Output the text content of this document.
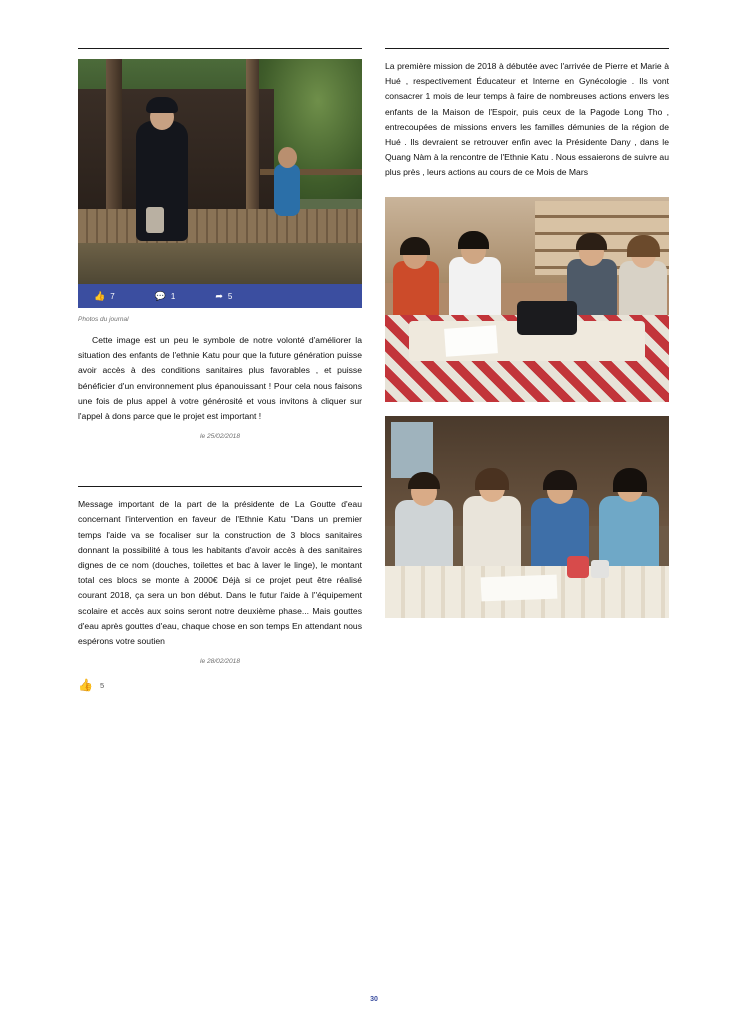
👍 7	💬 1	➦ 5
Photos du journal

Cette image est un peu le symbole de notre volonté d'améliorer la situation des enfants de l'ethnie Katu pour que la future génération puisse avoir accès à des conditions sanitaires plus favorables , et puisse bénéficier d'un environnement plus épanouissant ! Pour cela nous faisons une fois de plus appel à votre générosité et vous invitons à cliquer sur l'appel à dons parce que le projet est important !

le 25/02/2018

Message important de la part de la présidente de La Goutte d'eau concernant l'intervention en faveur de l'Ethnie Katu "Dans un premier temps l'aide va se focaliser sur la construction de 3 blocs sanitaires donnant la possibilité à tous les habitants d'avoir accès à des sanitaires dignes de ce nom (douches, toilettes et bac à laver le linge), le montant total ces blocs se monte à 2000€ Déjà si ce projet peut être réalisé courant 2018, ça sera un bon début. Dans le futur l'aide à l''équipement scolaire et accès aux soins seront notre deuxième phase... Mais gouttes d'eau après gouttes d'eau, chaque chose en son temps En attendant nous espérons votre soutien

le 28/02/2018
👍 5

La première mission de 2018 à débutée avec l'arrivée de Pierre et Marie à Hué , respectivement Éducateur et Interne en Gynécologie . Ils vont consacrer 1 mois de leur temps à faire de nombreuses actions envers les enfants de la Maison de l'Espoir, puis ceux de la Pagode Long Tho , entrecoupées de missions envers les familles démunies de la région de Hué . Ils devraient se retrouver enfin avec la Présidente Dany , dans le Quang Nàm à la rencontre de l'Ethnie Katu . Nous essaierons de suivre au plus près , leurs actions au cours de ce Mois de Mars

30
